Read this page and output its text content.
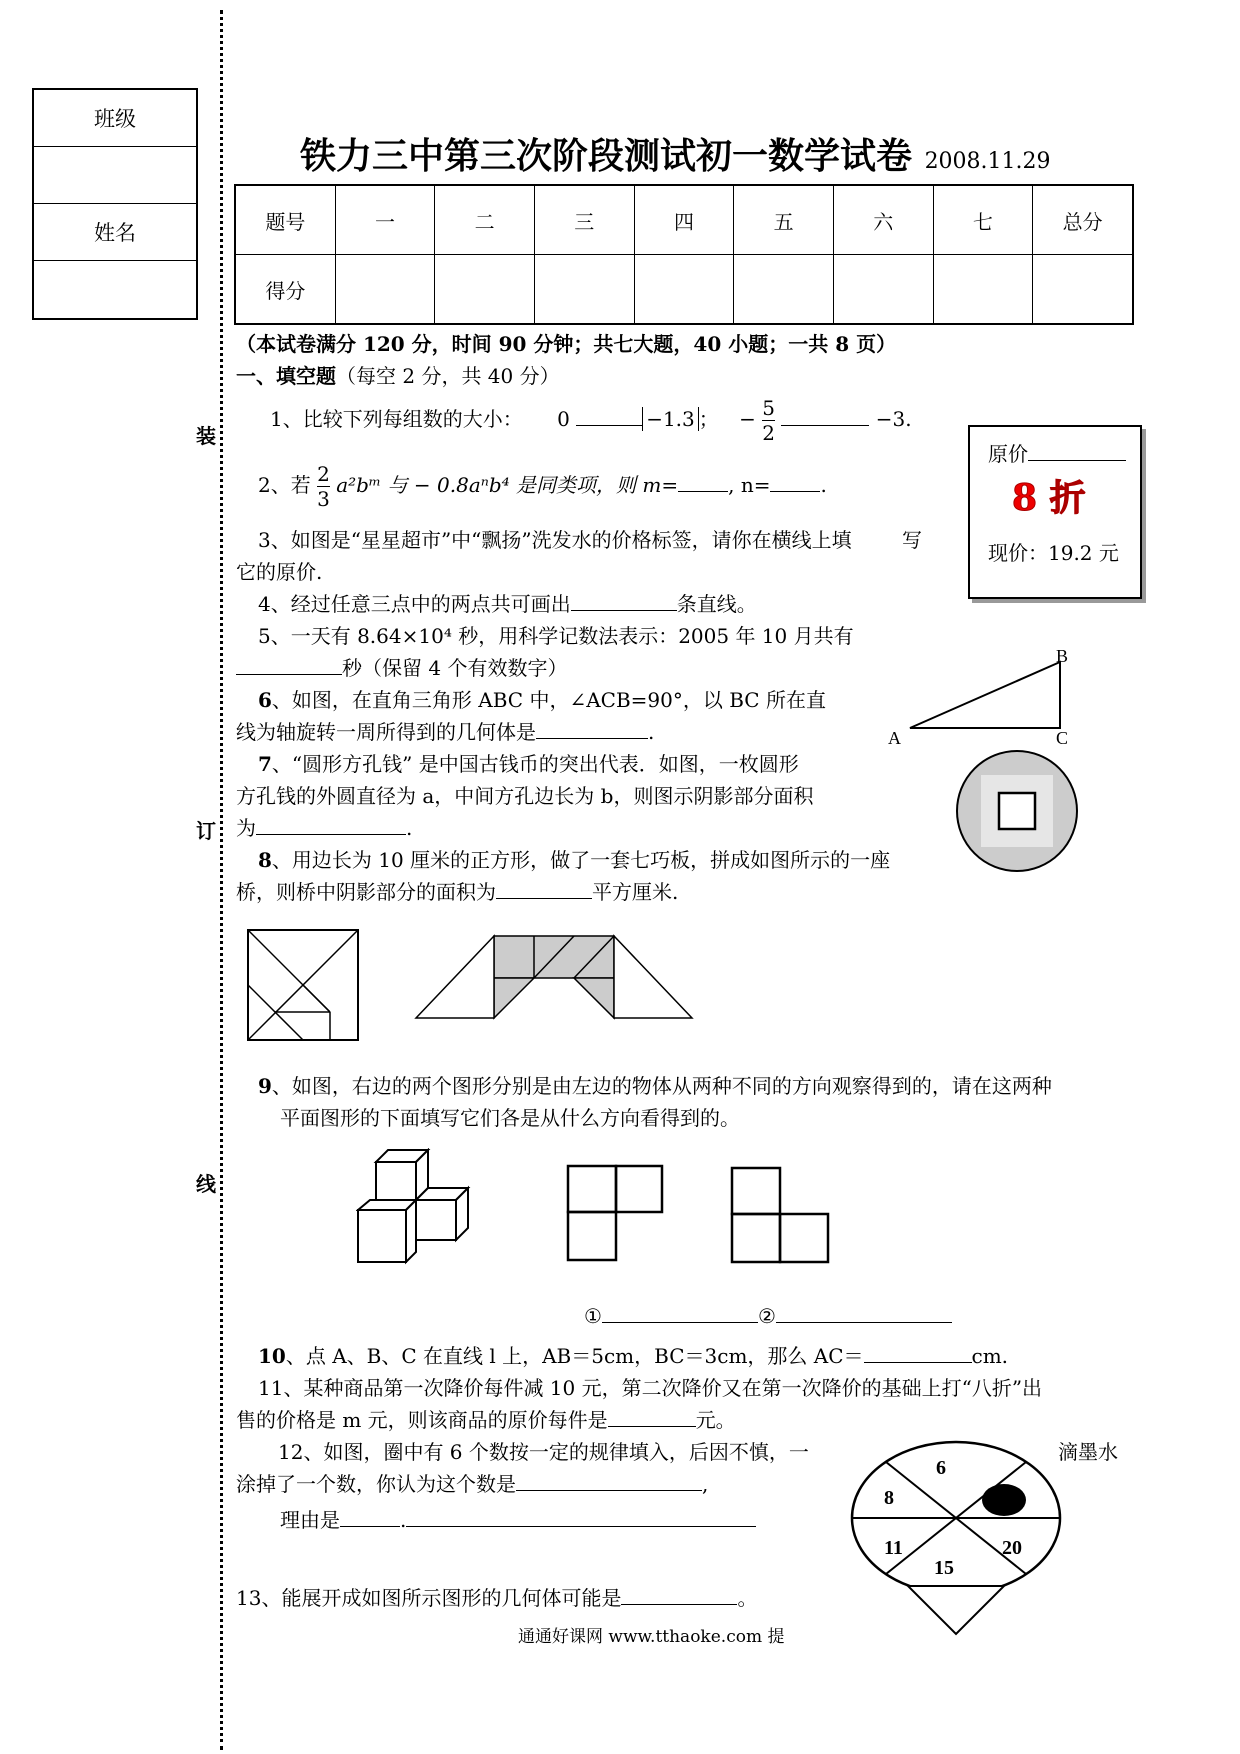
装
订
线
班级
姓名
铁力三中第三次阶段测试初一数学试卷 2008.11.29
题号	一	二	三	四	五	六	七	总分
得分								
（本试卷满分 120 分，时间 90 分钟；共七大题，40 小题；一共 8 页）
一、填空题（每空 2 分，共 40 分）
1、比较下列每组数的大小： 0	−1.3 ； − $\frac{5}{2}$	−3.
2、若 $\frac{2}{3}$ a²bᵐ 与 − 0.8aⁿb⁴ 是同类项，则 m=	, n=	.
3、如图是“星星超市”中“飘扬”洗发水的价格标签，请你在横线上填	写
它的原价.
原价
8 折
现价：19.2 元
4、经过任意三点中的两点共可画出	条直线。
5、一天有 8.64×10⁴ 秒，用科学记数法表示：2005 年 10 月共有
秒（保留 4 个有效数字）
6、如图，在直角三角形 ABC 中，∠ACB=90°，以 BC 所在直
线为轴旋转一周所得到的几何体是	.	A
B
C
7、“圆形方孔钱” 是中国古钱币的突出代表．如图，一枚圆形
方孔钱的外圆直径为 a，中间方孔边长为 b，则图示阴影部分面积
为	.
8、用边长为 10 厘米的正方形，做了一套七巧板，拼成如图所示的一座
桥，则桥中阴影部分的面积为	平方厘米.
9、如图，右边的两个图形分别是由左边的物体从两种不同的方向观察得到的，请在这两种
平面图形的下面填写它们各是从什么方向看得到的。
①	②
10、点 A、B、C 在直线 l 上，AB＝5cm，BC＝3cm，那么 AC＝	cm.
11、某种商品第一次降价每件减 10 元，第二次降价又在第一次降价的基础上打“八折”出
售的价格是 m 元，则该商品的原价每件是	元。
12、如图，圈中有 6 个数按一定的规律填入，后因不慎，一	滴墨水
涂掉了一个数，你认为这个数是	,
理由是	.
6
8
11
15
20
13、能展开成如图所示图形的几何体可能是	。
通通好课网 www.tthaoke.com 提
